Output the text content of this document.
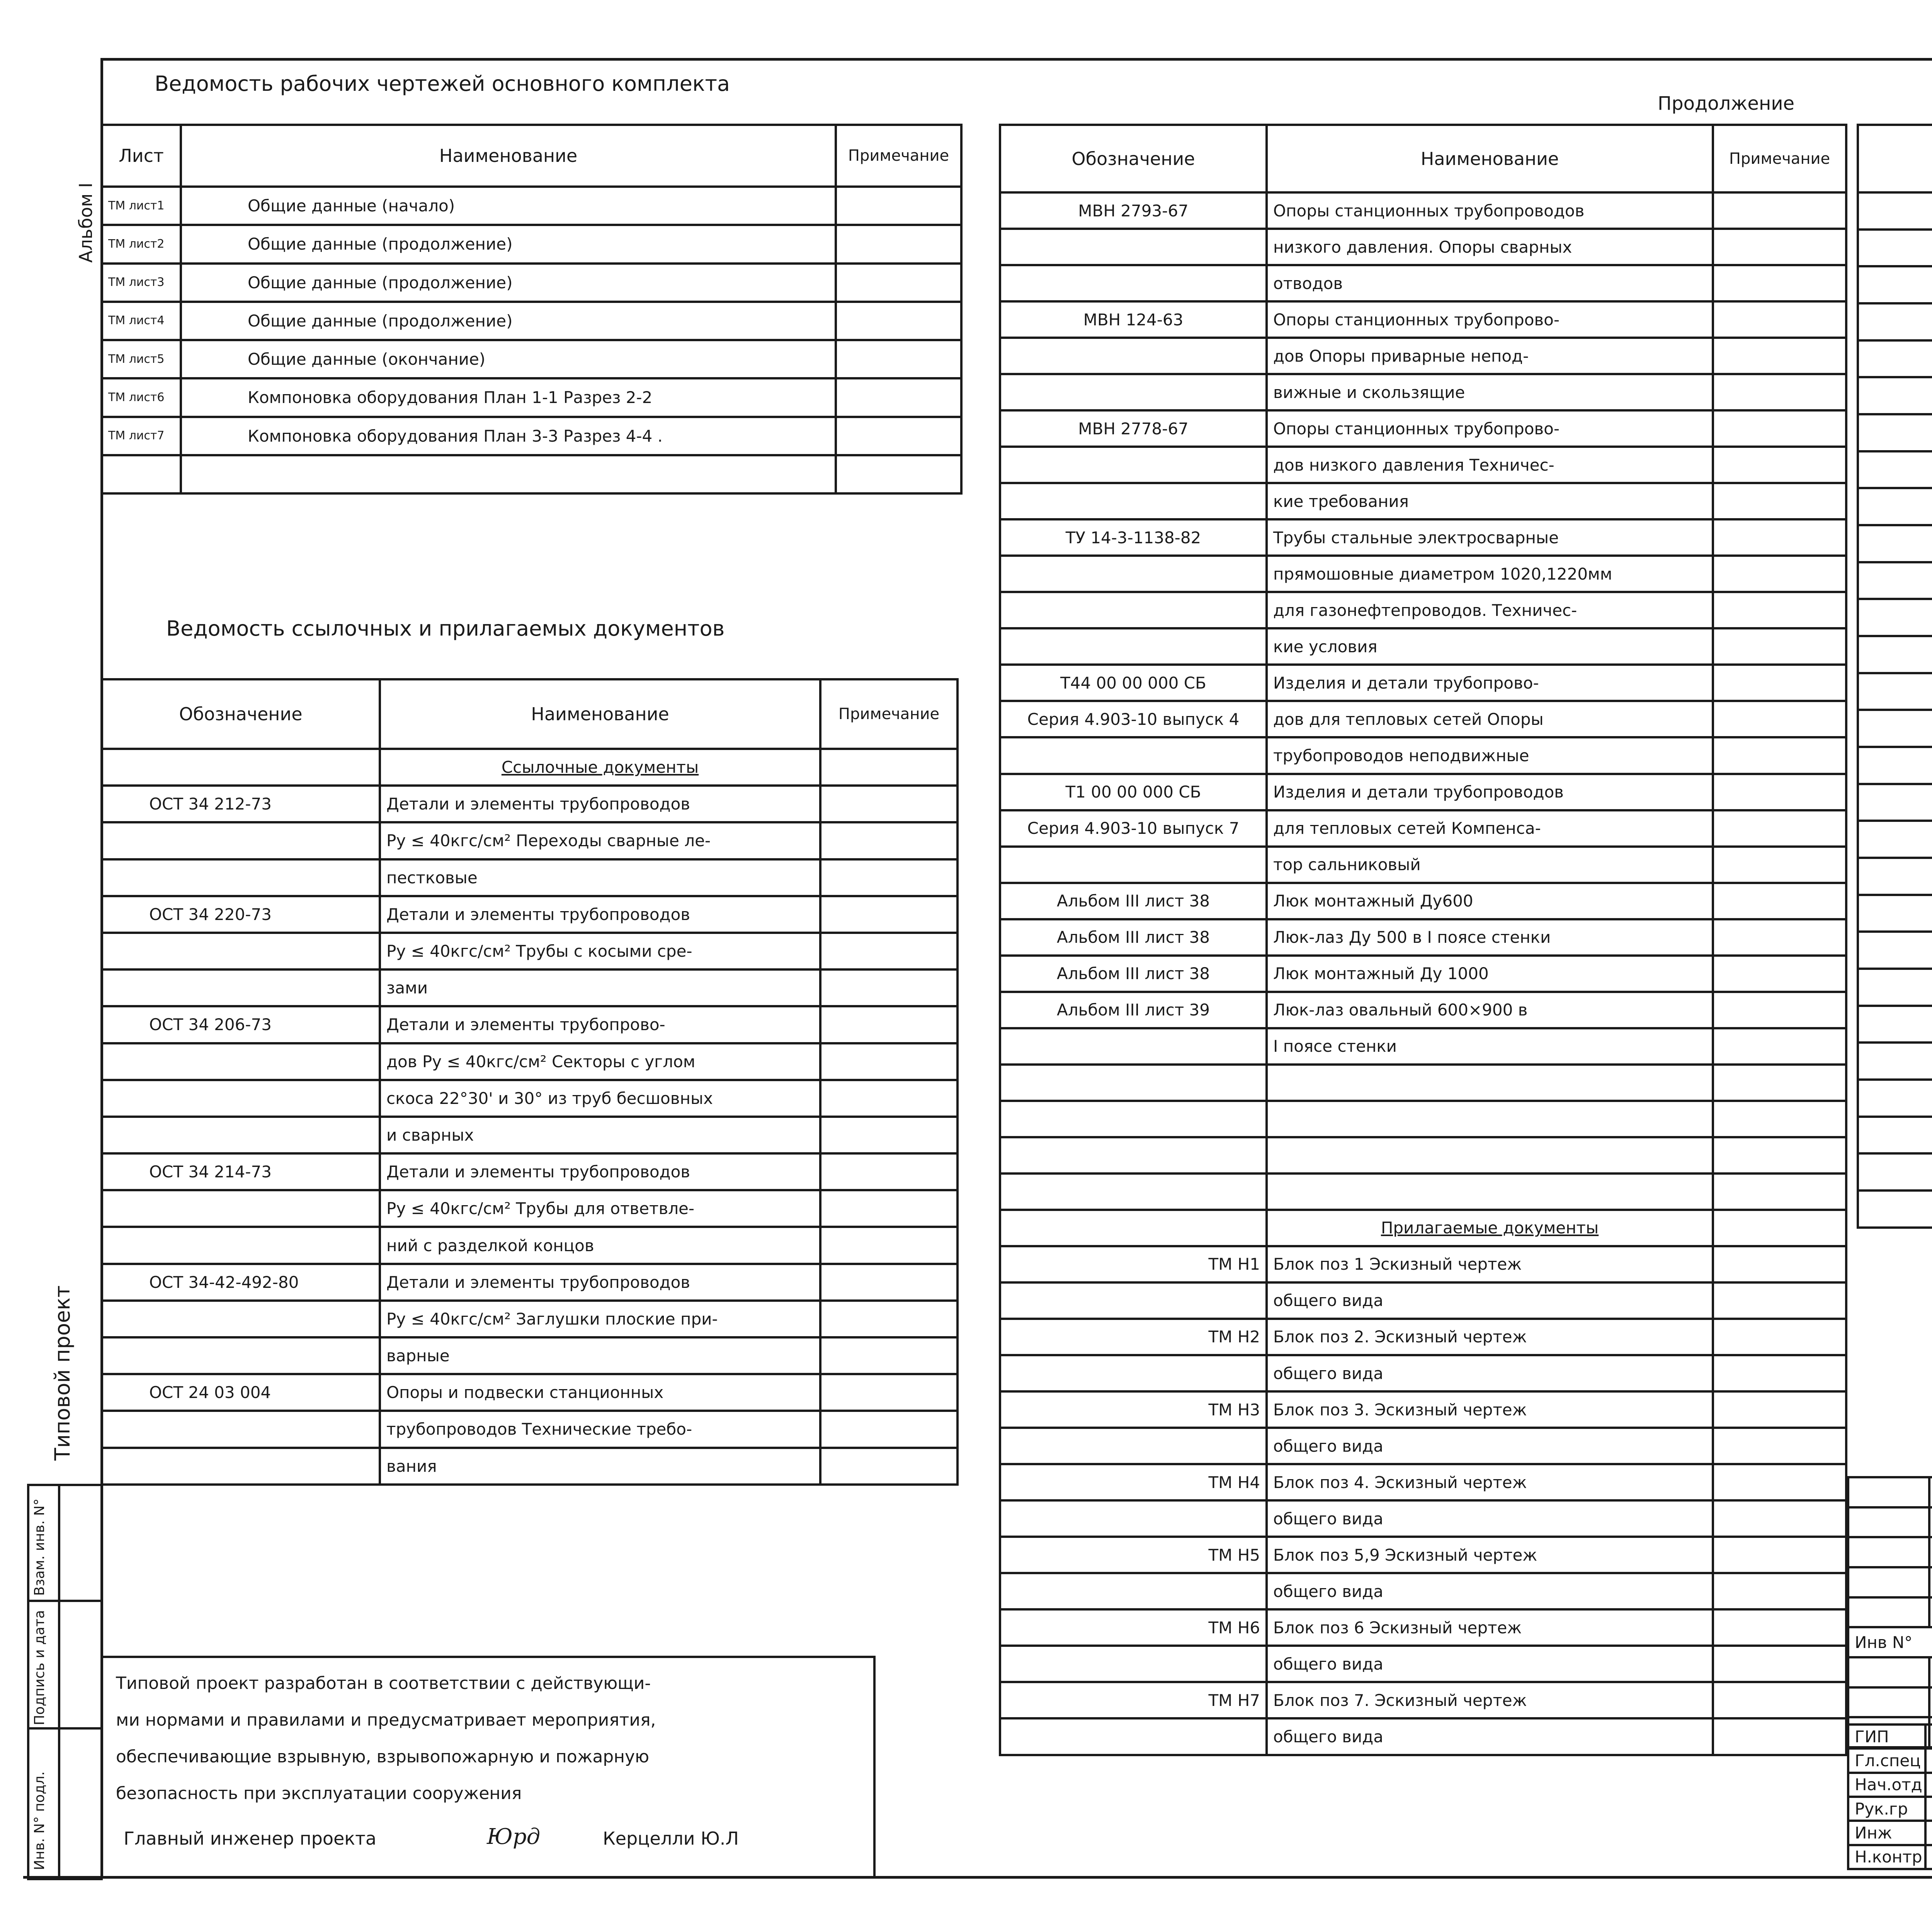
Ведомость рабочих чертежей основного комплекта
Альбом I
Лист	Наименование	Примечание
ТМ лист1	Общие данные (начало)	
ТМ лист2	Общие данные (продолжение)	
ТМ лист3	Общие данные (продолжение)	
ТМ лист4	Общие данные (продолжение)	
ТМ лист5	Общие данные (окончание)	
ТМ лист6	Компоновка оборудования План 1-1 Разрез 2-2	
ТМ лист7	Компоновка оборудования План 3-3 Разрез 4-4 .	

Ведомость ссылочных и прилагаемых документов
Обозначение	Наименование	Примечание
	Ссылочные документы	
ОСТ 34 212-73	Детали и элементы трубопроводов	
	Ру ≤ 40кгс/см² Переходы сварные ле-	
	пестковые	
ОСТ 34 220-73	Детали и элементы трубопроводов	
	Ру ≤ 40кгс/см² Трубы с косыми сре-	
	зами	
ОСТ 34 206-73	Детали и элементы трубопрово-	
	дов Ру ≤ 40кгс/см² Секторы с углом	
	скоса 22°30' и 30° из труб бесшовных	
	и сварных	
ОСТ 34 214-73	Детали и элементы трубопроводов	
	Ру ≤ 40кгс/см² Трубы для ответвле-	
	ний с разделкой концов	
ОСТ 34-42-492-80	Детали и элементы трубопроводов	
	Ру ≤ 40кгс/см² Заглушки плоские при-	
	варные	
ОСТ 24 03 004	Опоры и подвески станционных	
	трубопроводов Технические требо-	
	вания	
Типовой проект
Взам. инв. N°	

Подпись и дата	

Инв. N° подл.	

Типовой проект разработан в соответствии с действующи-
ми нормами и правилами и предусматривает мероприятия,
обеспечивающие взрывную, взрывопожарную и пожарную
безопасность при эксплуатации сооружения
Главный инженер проекта	Юрд	Керцелли Ю.Л
Продолжение
Обозначение	Наименование	Примечание
МВН 2793-67	Опоры станционных трубопроводов	
	низкого давления. Опоры сварных	
	отводов	
МВН 124-63	Опоры станционных трубопрово-	
	дов Опоры приварные непод-	
	вижные и скользящие	
МВН 2778-67	Опоры станционных трубопрово-	
	дов низкого давления Техничес-	
	кие требования	
ТУ 14-3-1138-82	Трубы стальные электросварные	
	прямошовные диаметром 1020,1220мм	
	для газонефтепроводов. Техничес-	
	кие условия	
Т44 00 00 000 СБ	Изделия и детали трубопрово-	
Серия 4.903-10 выпуск 4	дов для тепловых сетей Опоры	
	трубопроводов неподвижные	
Т1 00 00 000 СБ	Изделия и детали трубопроводов	
Серия 4.903-10 выпуск 7	для тепловых сетей Компенса-	
	тор сальниковый	
Альбом III лист 38	Люк монтажный Ду600	
Альбом III лист 38	Люк-лаз Ду 500 в I поясе стенки	
Альбом III лист 38	Люк монтажный Ду 1000	
Альбом III лист 39	Люк-лаз овальный 600×900 в	
	I поясе стенки	

	Прилагаемые документы	
ТМ Н1	Блок поз 1 Эскизный чертеж	
	общего вида	
ТМ Н2	Блок поз 2. Эскизный чертеж	
	общего вида	
ТМ Н3	Блок поз 3. Эскизный чертеж	
	общего вида	
ТМ Н4	Блок поз 4. Эскизный чертеж	
	общего вида	
ТМ Н5	Блок поз 5,9 Эскизный чертеж	
	общего вида	
ТМ Н6	Блок поз 6 Эскизный чертеж	
	общего вида	
ТМ Н7	Блок поз 7. Эскизный чертеж	
	общего вида	

Инв N°			

ГИП			
Гл.спец			
Нач.отд			
Рук.гр			
Инж			
Н.контр			
